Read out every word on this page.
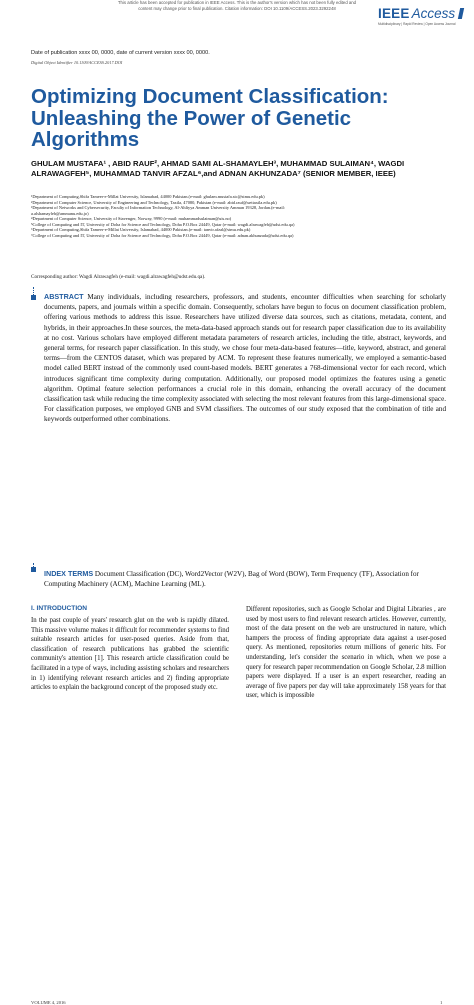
This article has been accepted for publication in IEEE Access. This is the author's version which has not been fully edited and
content may change prior to final publication. Citation information: DOI 10.1109/ACCESS.2023.3292248	IEEE Access
Multidisciplinary | Rapid Review | Open Access Journal
Date of publication xxxx 00, 0000, date of current version xxxx 00, 0000.
Digital Object Identifier 10.1109/ACCESS.2017.DOI
Optimizing Document Classification: Unleashing the Power of Genetic Algorithms
GHULAM MUSTAFA¹ , ABID RAUF², AHMAD SAMI AL-SHAMAYLEH³, MUHAMMAD SULAIMAN⁴, WAGDI ALRAWAGFEH⁵, MUHAMMAD TANVIR AFZAL⁶,and ADNAN AKHUNZADA⁷ (SENIOR MEMBER, IEEE)
¹Department of Computing,Shifa Tameer-e-Millat University, Islamabad, 44000 Pakistan.(e-mail: ghulam.mustafa.stc@stmu.edu.pk)
²Department of Computer Science, University of Engineering and Technology, Taxila, 47080, Pakistan (e-mail: abid.rauf@uettaxila.edu.pk)
³Department of Networks and Cybersecurity, Faculty of Information Technology, Al-Ahliyya Amman University Amman 19328, Jordan.(e-mail:
a.alshamayleh@ammanu.edu.jo)
⁴Department of Computer Science, University of Stavenger, Norway, 9990 (e-mail: muhammadsulaiman@uis.no)
⁵College of Computing and IT, University of Doha for Science and Technology, Doha P.O.Box 24449, Qatar (e-mail: wagdi.alrawagfeh@udst.edu.qa)
⁶Department of Computing,Shifa Tameer-e-Millat University, Islamabad, 44000 Pakistan.(e-mail: tanvir.afzal@stmu.edu.pk)
⁷College of Computing and IT, University of Doha for Science and Technology, Doha P.O.Box 24449, Qatar (e-mail: adnan.akhunzada@udst.edu.qa)
Corresponding author: Wagdi Alrawagfeh (e-mail: wagdi.alrawagfeh@udst.edu.qa).
ABSTRACT Many individuals, including researchers, professors, and students, encounter difficulties when searching for scholarly documents, papers, and journals within a specific domain. Consequently, scholars have begun to focus on document classification problem, offering various methods to address this issue. Researchers have utilized diverse data sources, such as citations, metadata, content, and hybrids, in their approaches.In these sources, the meta-data-based approach stands out for research paper classification due to its availability at no cost. Various scholars have employed different metadata parameters of research articles, including the title, abstract, keywords, and general terms, for research paper classification. In this study, we chose four meta-data-based features—title, keyword, abstract, and general terms—from the CENTOS dataset, which was prepared by ACM. To represent these features numerically, we employed a semantic-based model called BERT instead of the commonly used count-based models. BERT generates a 768-dimensional vector for each record, which introduces significant time complexity during computation. Additionally, our proposed model optimizes the features using a genetic algorithm. Optimal feature selection performances a crucial role in this domain, enhancing the overall accuracy of the document classification task while reducing the time complexity associated with selecting the most relevant features from this large-dimensional space. For classification purposes, we employed GNB and SVM classifiers. The outcomes of our study exposed that the combination of title and keywords outperformed other combinations.
INDEX TERMS Document Classification (DC), Word2Vector (W2V), Bag of Word (BOW), Term Frequency (TF), Association for Computing Machinery (ACM), Machine Learning (ML).
I. INTRODUCTION
In the past couple of years' research glut on the web is rapidly dilated. This massive volume makes it difficult for recommender systems to find suitable research articles for user-posed queries. Aside from that, classification of research publications has grabbed the scientific community's attention [1]. This research article classification could be facilitated in a type of ways, including assisting scholars and researchers in 1) identifying relevant research articles and 2) finding appropriate articles to explain the background concept of the proposed study etc.
Different repositories, such as Google Scholar and Digital Libraries , are used by most users to find relevant research articles. However, currently, most of the data present on the web are unstructured in nature, which hampers the process of finding appropriate data against a user-posed query. As mentioned, repositories return millions of generic hits. For understanding, let's consider the scenario in which, when we pose a query for research paper recommendation on Google Scholar, 2.8 million papers were displayed. If a user is an expert researcher, reading an average of five papers per day will take approximately 158 years for that user, which is impossible
VOLUME 4, 2016	1
